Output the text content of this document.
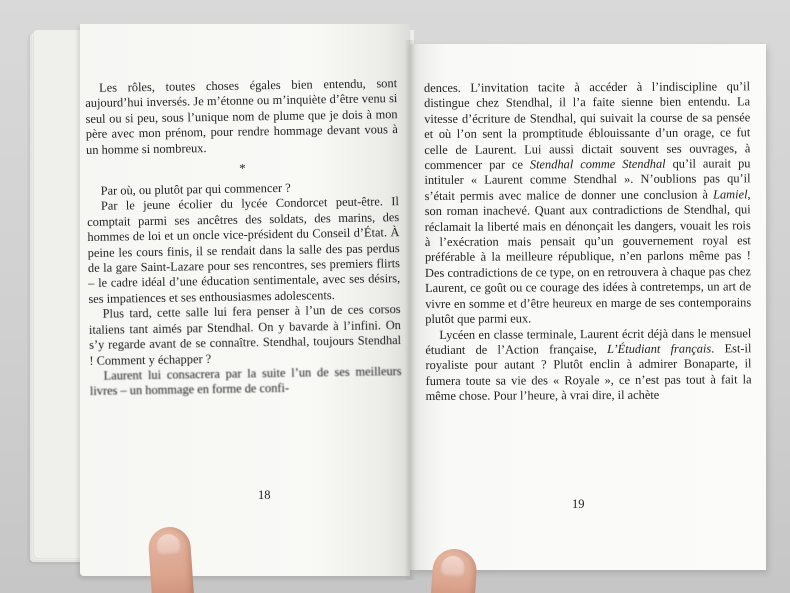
Les rôles, toutes choses égales bien entendu, sont aujourd’hui inversés. Je m’étonne ou m’inquiète d’être venu si seul ou si peu, sous l’unique nom de plume que je dois à mon père avec mon prénom, pour rendre hommage devant vous à un homme si nombreux.

*

Par où, ou plutôt par qui commencer ?

Par le jeune écolier du lycée Condorcet peut-être. Il comptait parmi ses ancêtres des soldats, des marins, des hommes de loi et un oncle vice-président du Conseil d’État. À peine les cours finis, il se rendait dans la salle des pas perdus de la gare Saint-Lazare pour ses rencontres, ses premiers flirts – le cadre idéal d’une éducation sentimentale, avec ses désirs, ses impatiences et ses enthousiasmes adolescents.

Plus tard, cette salle lui fera penser à l’un de ces corsos italiens tant aimés par Stendhal. On y bavarde à l’infini. On s’y regarde avant de se connaître. Stendhal, toujours Stendhal ! Comment y échapper ?

Laurent lui consacrera par la suite l’un de ses meilleurs livres – un hommage en forme de confi-

dences. L’invitation tacite à accéder à l’indiscipline qu’il distingue chez Stendhal, il l’a faite sienne bien entendu. La vitesse d’écriture de Stendhal, qui suivait la course de sa pensée et où l’on sent la promptitude éblouissante d’un orage, ce fut celle de Laurent. Lui aussi dictait souvent ses ouvrages, à commencer par ce Stendhal comme Stendhal qu’il aurait pu intituler « Laurent comme Stendhal ». N’oublions pas qu’il s’était permis avec malice de donner une conclusion à Lamiel, son roman inachevé. Quant aux contradictions de Stendhal, qui réclamait la liberté mais en dénonçait les dangers, vouait les rois à l’exécration mais pensait qu’un gouvernement royal est préférable à la meilleure république, n’en parlons même pas ! Des contradictions de ce type, on en retrouvera à chaque pas chez Laurent, ce goût ou ce courage des idées à contretemps, un art de vivre en somme et d’être heureux en marge de ses contemporains plutôt que parmi eux.

Lycéen en classe terminale, Laurent écrit déjà dans le mensuel étudiant de l’Action française, L’Étudiant français. Est-il royaliste pour autant ? Plutôt enclin à admirer Bonaparte, il fumera toute sa vie des « Royale », ce n’est pas tout à fait la même chose. Pour l’heure, à vrai dire, il achète

18
19
